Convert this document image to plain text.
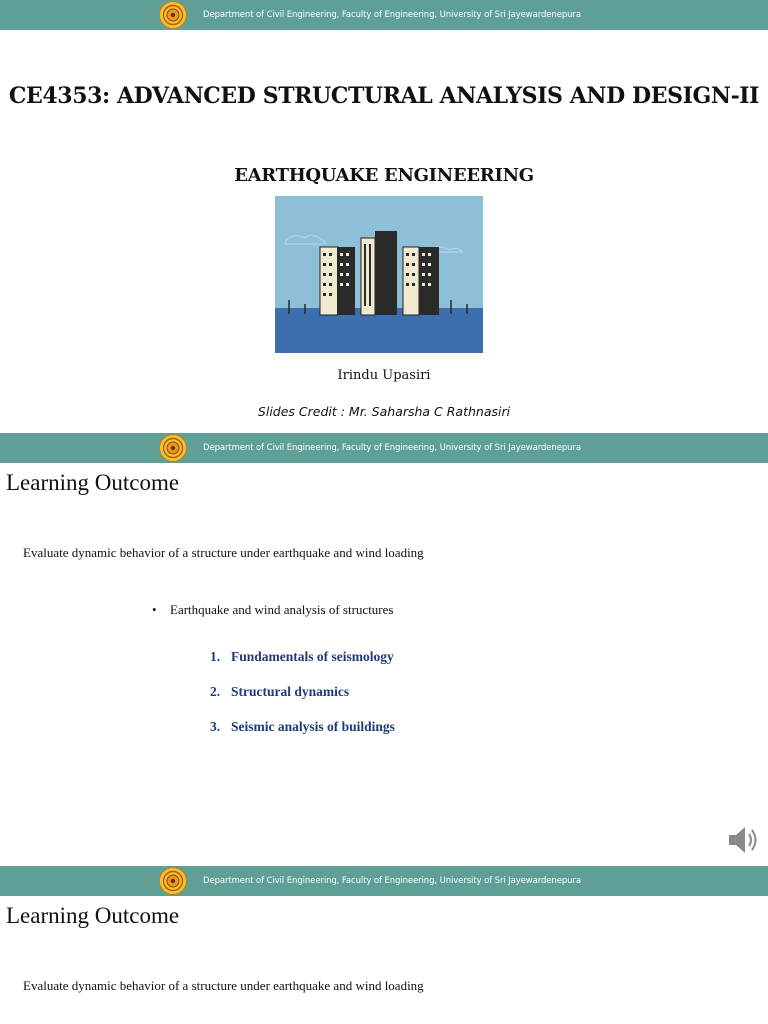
Department of Civil Engineering, Faculty of Engineering, University of Sri Jayewardenepura
CE4353: ADVANCED STRUCTURAL ANALYSIS AND DESIGN-II
EARTHQUAKE ENGINEERING
Irindu Upasiri
Slides Credit : Mr. Saharsha C Rathnasiri
Department of Civil Engineering, Faculty of Engineering, University of Sri Jayewardenepura
Learning Outcome
Evaluate dynamic behavior of a structure under earthquake and wind loading
• Earthquake and wind analysis of structures
1. Fundamentals of seismology
2. Structural dynamics
3. Seismic analysis of buildings
Department of Civil Engineering, Faculty of Engineering, University of Sri Jayewardenepura
Learning Outcome
Evaluate dynamic behavior of a structure under earthquake and wind loading
